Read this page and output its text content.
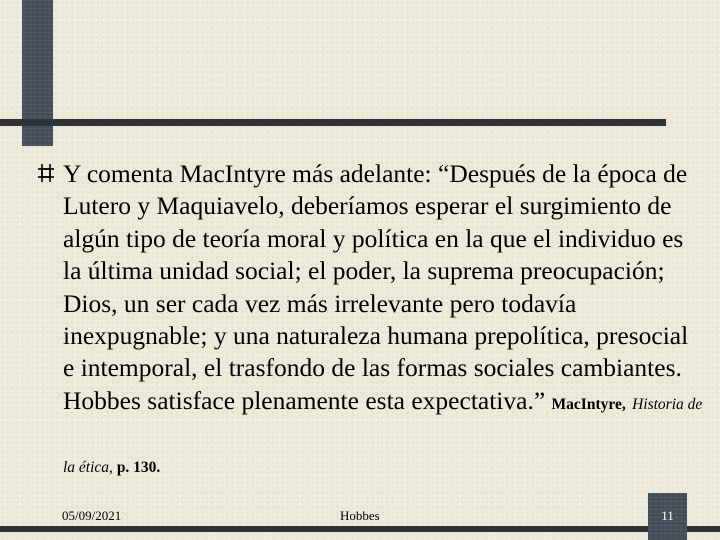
Y comenta MacIntyre más adelante: “Después de la época de Lutero y Maquiavelo, deberíamos esperar el surgimiento de algún tipo de teoría moral y política en la que el individuo es la última unidad social; el poder, la suprema preocupación; Dios, un ser cada vez más irrelevante pero todavía inexpugnable; y una naturaleza humana prepolítica, presocial e intemporal, el trasfondo de las formas sociales cambiantes. Hobbes satisface plenamente esta expectativa.” MacIntyre, Historia de
la ética, p. 130.
05/09/2021	Hobbes	11
